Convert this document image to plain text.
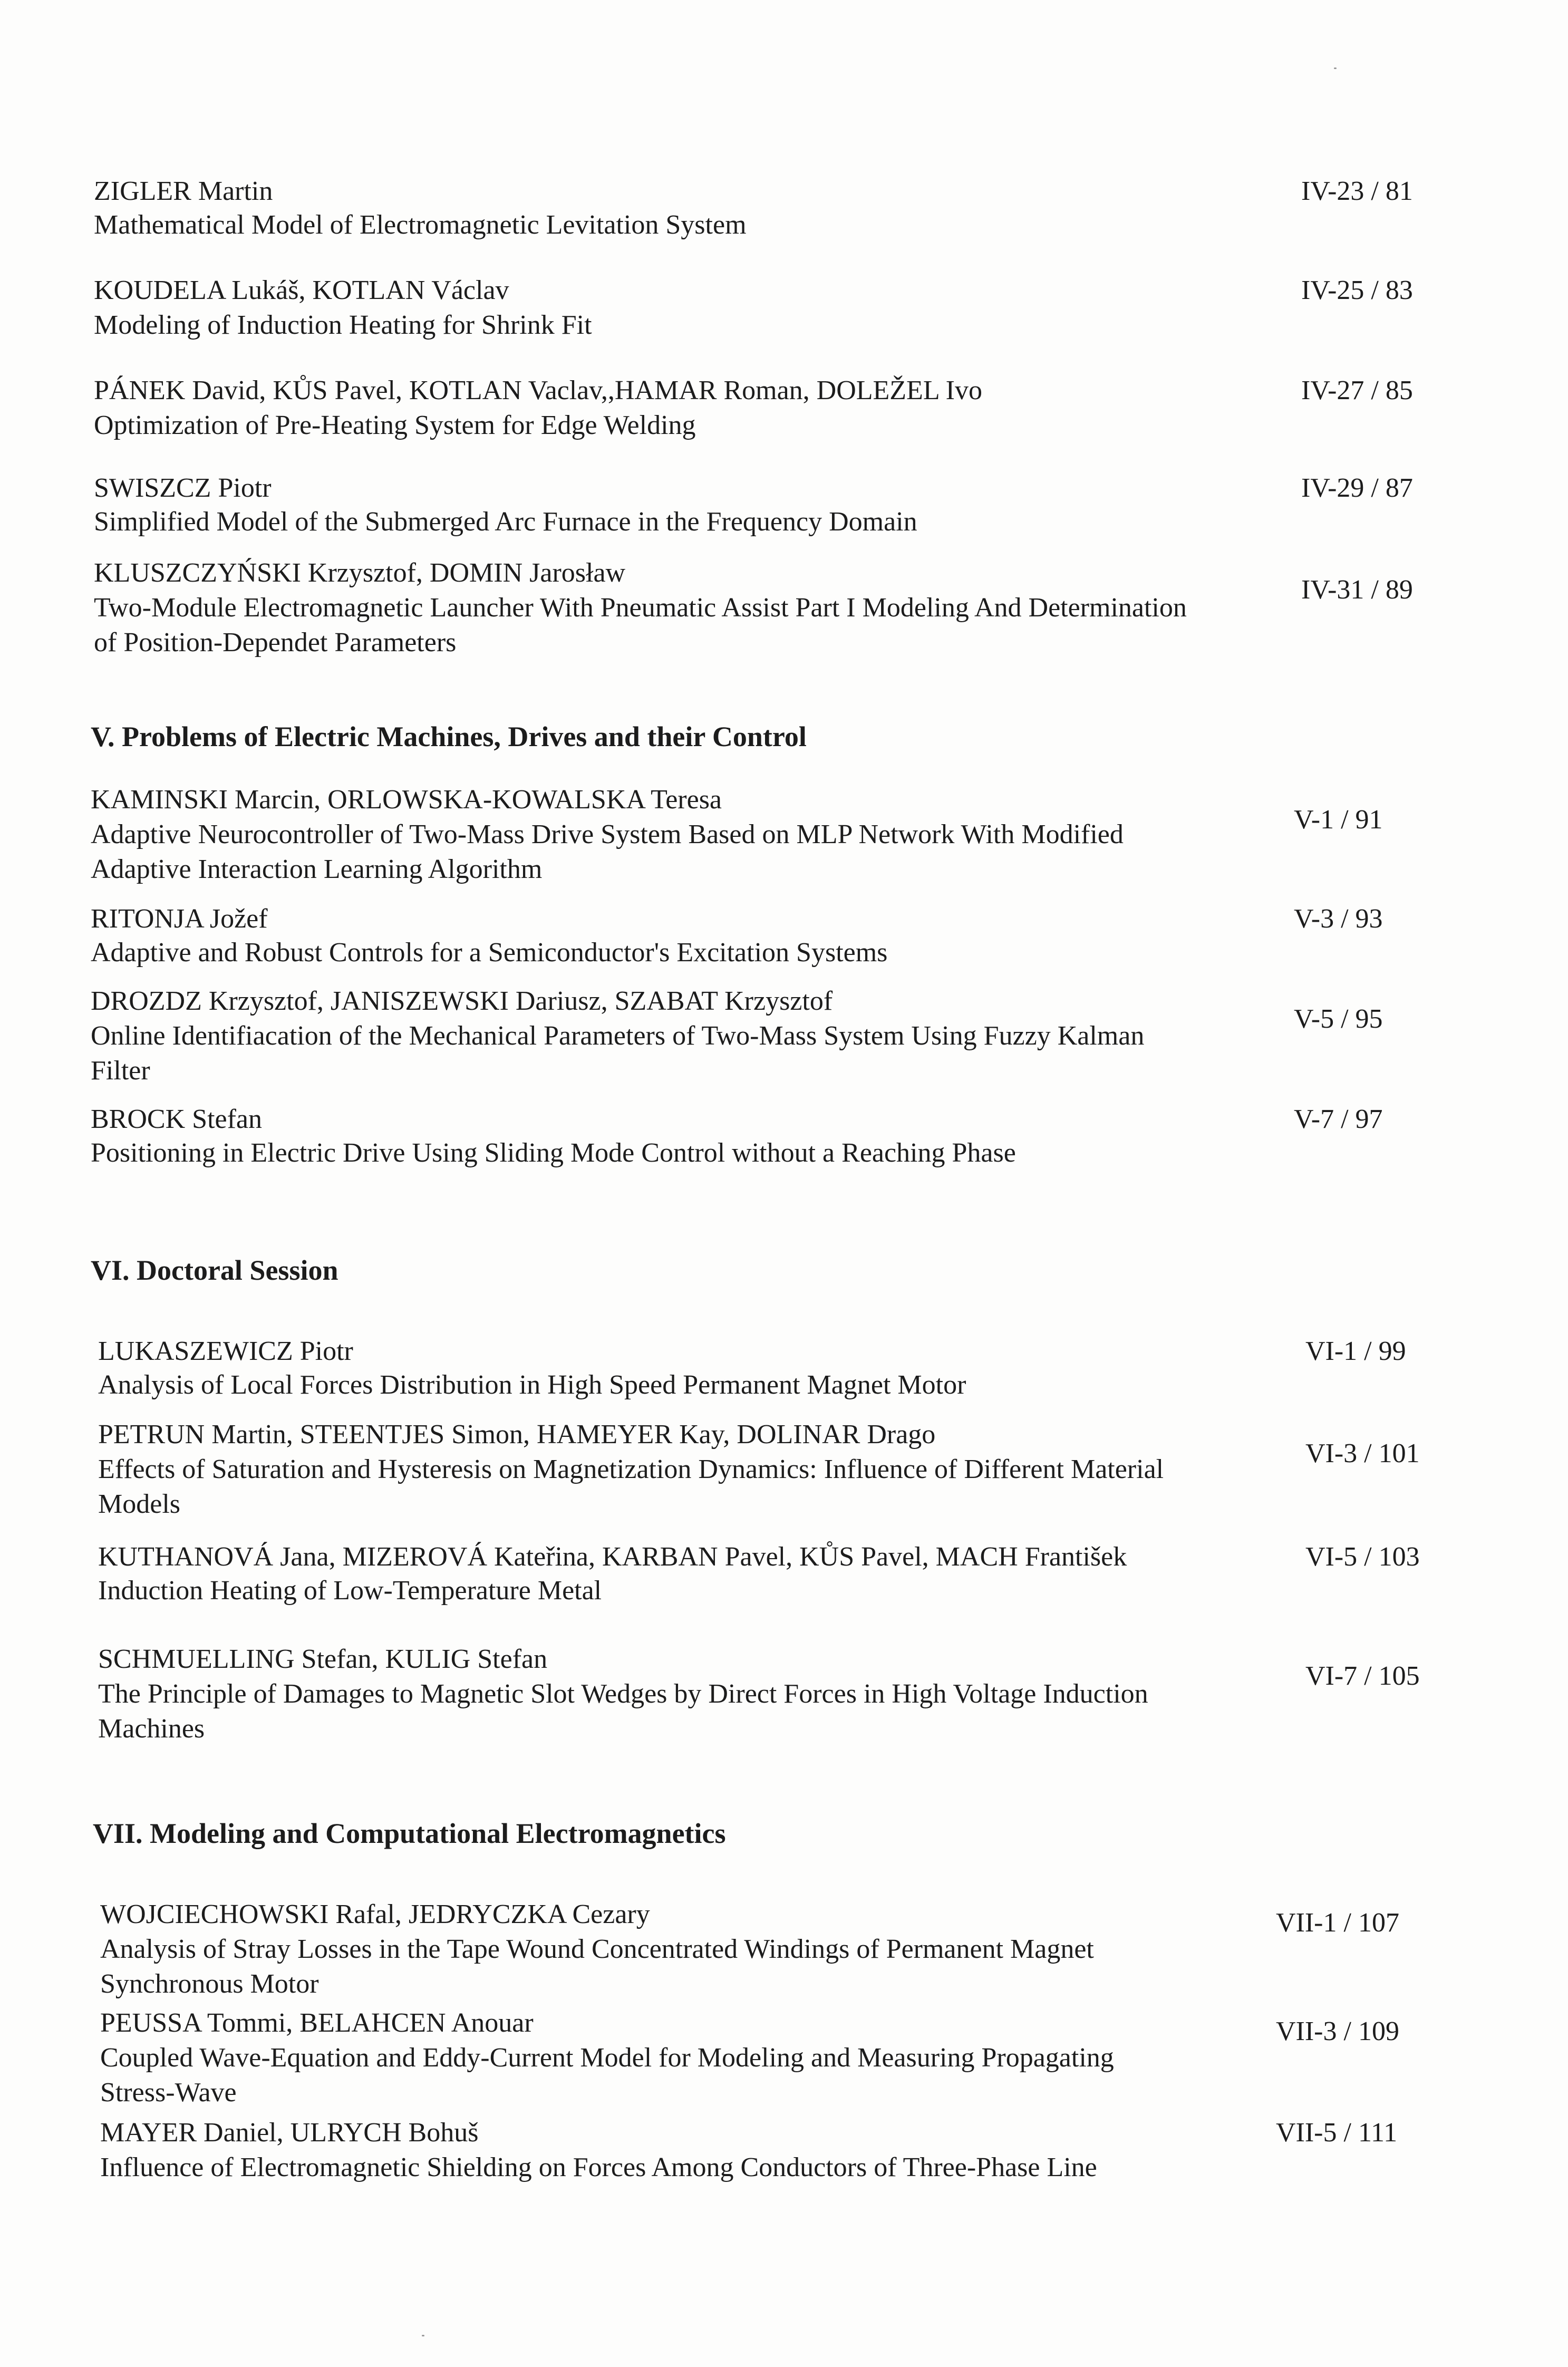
ZIGLER Martin
Mathematical Model of Electromagnetic Levitation System
IV-23 / 81
KOUDELA Lukáš, KOTLAN Václav
Modeling of Induction Heating for Shrink Fit
IV-25 / 83
PÁNEK David, KŮS Pavel, KOTLAN Vaclav,,HAMAR Roman, DOLEŽEL Ivo
Optimization of Pre-Heating System for Edge Welding
IV-27 / 85
SWISZCZ Piotr
Simplified Model of the Submerged Arc Furnace in the Frequency Domain
IV-29 / 87
KLUSZCZYŃSKI Krzysztof, DOMIN Jarosław
Two-Module Electromagnetic Launcher With Pneumatic Assist Part I Modeling And Determination
of Position-Dependet Parameters
IV-31 / 89
V. Problems of Electric Machines, Drives and their Control
KAMINSKI Marcin, ORLOWSKA-KOWALSKA Teresa
Adaptive Neurocontroller of Two-Mass Drive System Based on MLP Network With Modified
Adaptive Interaction Learning Algorithm
V-1 / 91
RITONJA Jožef
Adaptive and Robust Controls for a Semiconductor's Excitation Systems
V-3 / 93
DROZDZ Krzysztof, JANISZEWSKI Dariusz, SZABAT Krzysztof
Online Identifiacation of the Mechanical Parameters of Two-Mass System Using Fuzzy Kalman
Filter
V-5 / 95
BROCK Stefan
Positioning in Electric Drive Using Sliding Mode Control without a Reaching Phase
V-7 / 97
VI. Doctoral Session
LUKASZEWICZ Piotr
Analysis of Local Forces Distribution in High Speed Permanent Magnet Motor
VI-1 / 99
PETRUN Martin, STEENTJES Simon, HAMEYER Kay, DOLINAR Drago
Effects of Saturation and Hysteresis on Magnetization Dynamics: Influence of Different Material
Models
VI-3 / 101
KUTHANOVÁ Jana, MIZEROVÁ Kateřina, KARBAN Pavel, KŮS Pavel, MACH František
Induction Heating of Low-Temperature Metal
VI-5 / 103
SCHMUELLING Stefan, KULIG Stefan
The Principle of Damages to Magnetic Slot Wedges by Direct Forces in High Voltage Induction
Machines
VI-7 / 105
VII. Modeling and Computational Electromagnetics
WOJCIECHOWSKI Rafal, JEDRYCZKA Cezary
Analysis of Stray Losses in the Tape Wound Concentrated Windings of Permanent Magnet
Synchronous Motor
VII-1 / 107
PEUSSA Tommi, BELAHCEN Anouar
Coupled Wave-Equation and Eddy-Current Model for Modeling and Measuring Propagating
Stress-Wave
VII-3 / 109
MAYER Daniel, ULRYCH Bohuš
Influence of Electromagnetic Shielding on Forces Among Conductors of Three-Phase Line
VII-5 / 111
